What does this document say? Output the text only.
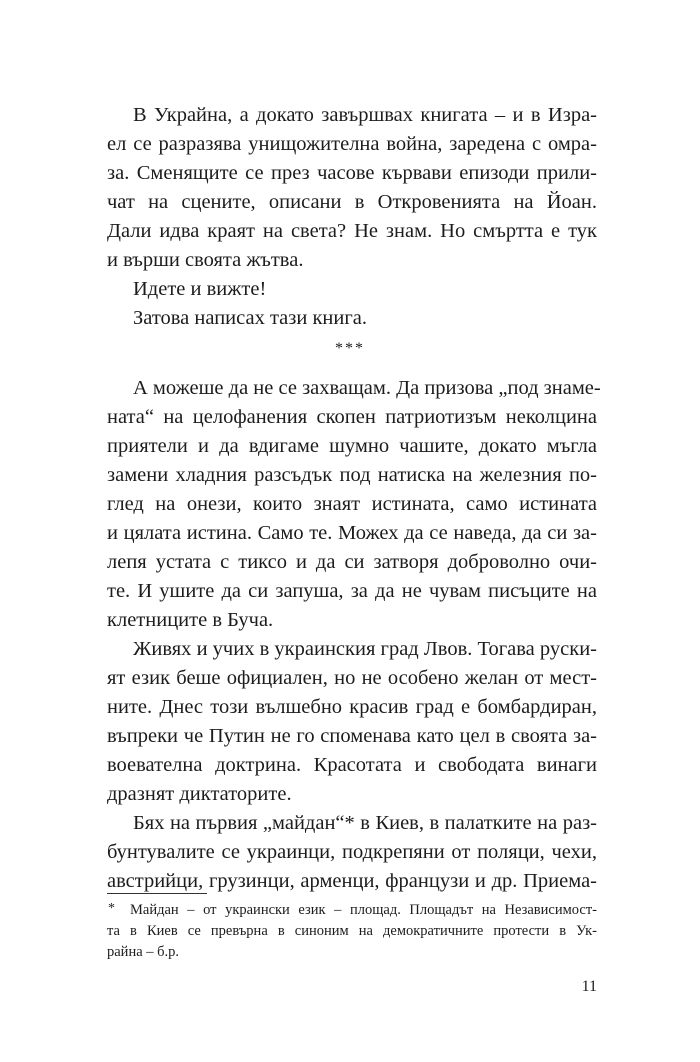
В Украйна, а докато завършвах книгата – и в Изра-
ел се разразява унищожителна война, заредена с омра-
за. Сменящите се през часове кървави епизоди прили-
чат на сцените, описани в Откровенията на Йоан.
Дали идва краят на света? Не знам. Но смъртта е тук
и върши своята жътва.
Идете и вижте!
Затова написах тази книга.
***
А можеше да не се захващам. Да призова „под знаме-
ната“ на целофанения скопен патриотизъм неколцина
приятели и да вдигаме шумно чашите, докато мъгла
замени хладния разсъдък под натиска на железния по-
глед на онези, които знаят истината, само истината
и цялата истина. Само те. Можех да се наведа, да си за-
лепя устата с тиксо и да си затворя доброволно очи-
те. И ушите да си запуша, за да не чувам писъците на
клетниците в Буча.
Живях и учих в украинския град Лвов. Тогава руски-
ят език беше официален, но не особено желан от мест-
ните. Днес този вълшебно красив град е бомбардиран,
въпреки че Путин не го споменава като цел в своята за-
воевателна доктрина. Красотата и свободата винаги
дразнят диктаторите.
Бях на първия „майдан“* в Киев, в палатките на раз-
бунтувалите се украинци, подкрепяни от поляци, чехи,
австрийци, грузинци, арменци, французи и др. Приема-
* Майдан – от украински език – площад. Площадът на Независимост-
та в Киев се превърна в синоним на демократичните протести в Ук-
райна – б.р.
11
